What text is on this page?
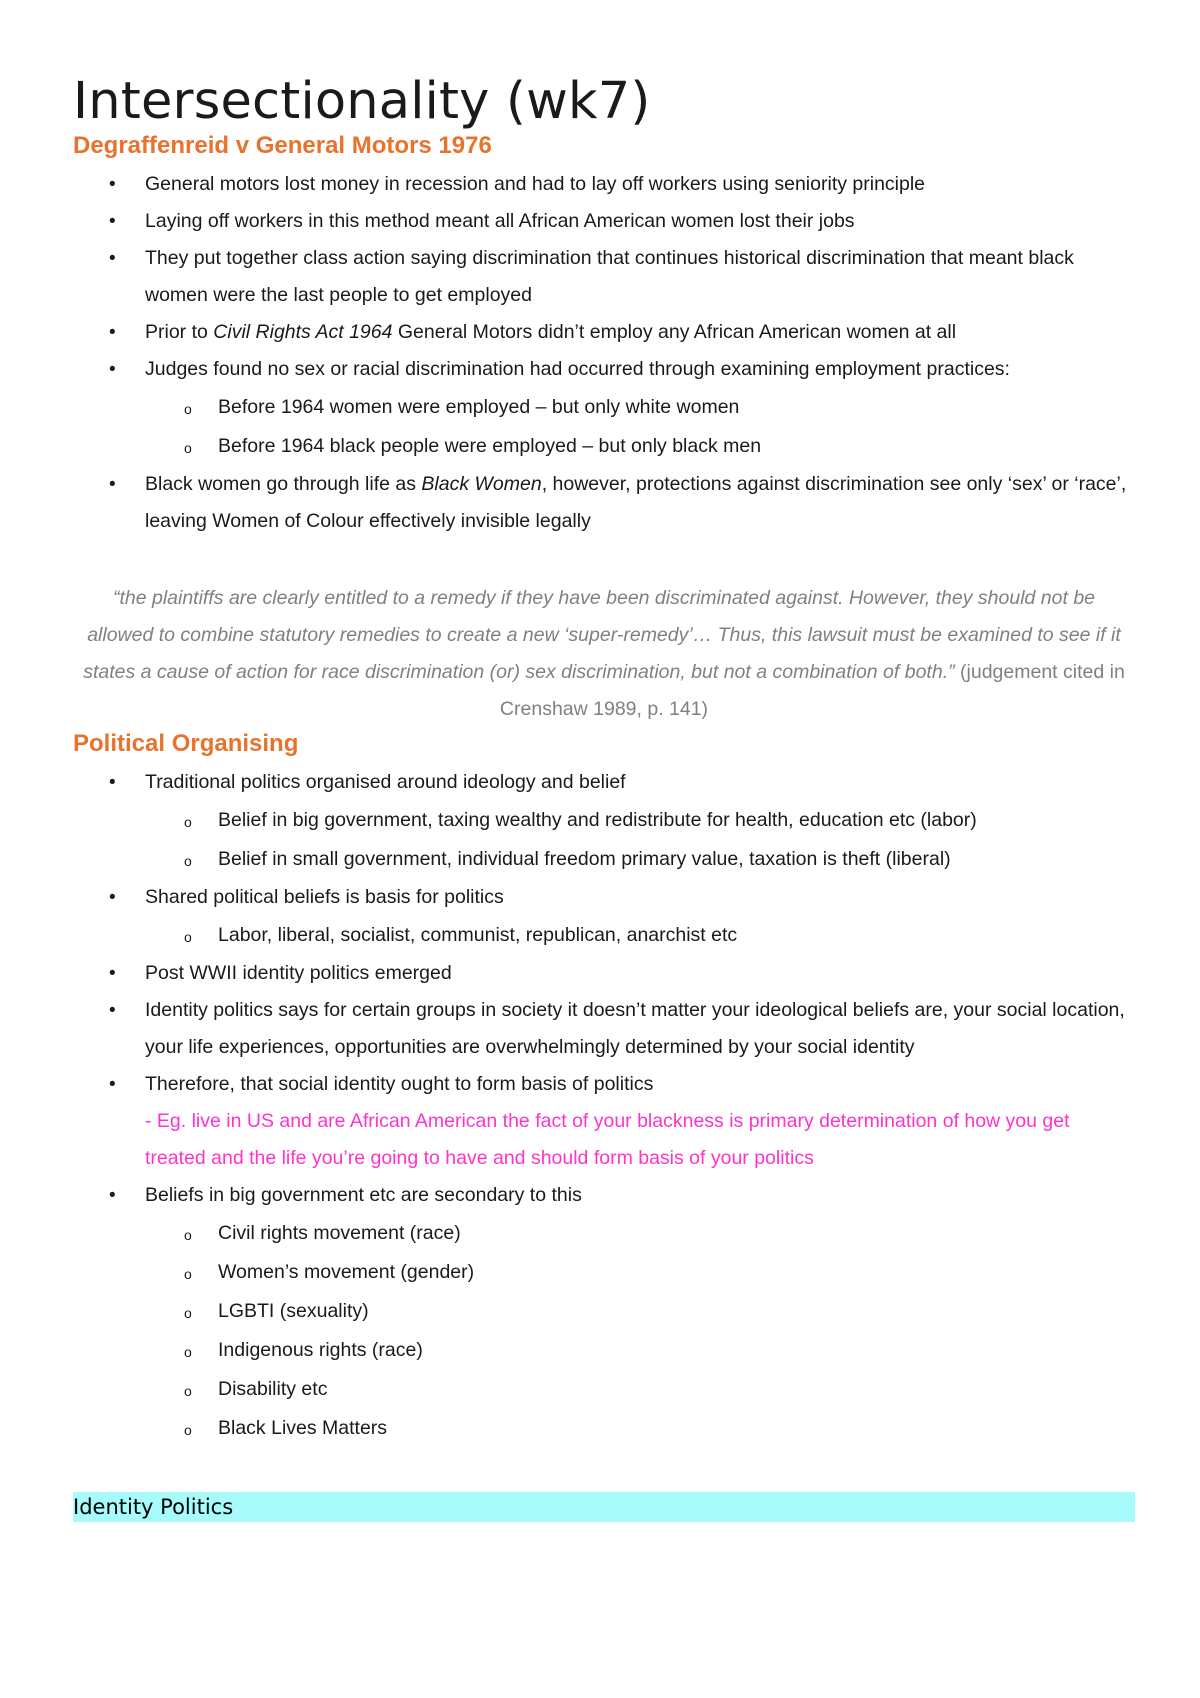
Intersectionality (wk7)
Degraffenreid v General Motors 1976
• General motors lost money in recession and had to lay off workers using seniority principle
• Laying off workers in this method meant all African American women lost their jobs
• They put together class action saying discrimination that continues historical discrimination that meant black women were the last people to get employed
• Prior to Civil Rights Act 1964 General Motors didn’t employ any African American women at all
• Judges found no sex or racial discrimination had occurred through examining employment practices:
o Before 1964 women were employed – but only white women
o Before 1964 black people were employed – but only black men
• Black women go through life as Black Women, however, protections against discrimination see only ‘sex’ or ‘race’, leaving Women of Colour effectively invisible legally

“the plaintiffs are clearly entitled to a remedy if they have been discriminated against. However, they should not be allowed to combine statutory remedies to create a new ‘super-remedy’… Thus, this lawsuit must be examined to see if it states a cause of action for race discrimination (or) sex discrimination, but not a combination of both.” (judgement cited in Crenshaw 1989, p. 141)

Political Organising
• Traditional politics organised around ideology and belief
o Belief in big government, taxing wealthy and redistribute for health, education etc (labor)
o Belief in small government, individual freedom primary value, taxation is theft (liberal)
• Shared political beliefs is basis for politics
o Labor, liberal, socialist, communist, republican, anarchist etc
• Post WWII identity politics emerged
• Identity politics says for certain groups in society it doesn’t matter your ideological beliefs are, your social location, your life experiences, opportunities are overwhelmingly determined by your social identity
• Therefore, that social identity ought to form basis of politics
- Eg. live in US and are African American the fact of your blackness is primary determination of how you get treated and the life you’re going to have and should form basis of your politics
• Beliefs in big government etc are secondary to this
o Civil rights movement (race)
o Women’s movement (gender)
o LGBTI (sexuality)
o Indigenous rights (race)
o Disability etc
o Black Lives Matters
Identity Politics
